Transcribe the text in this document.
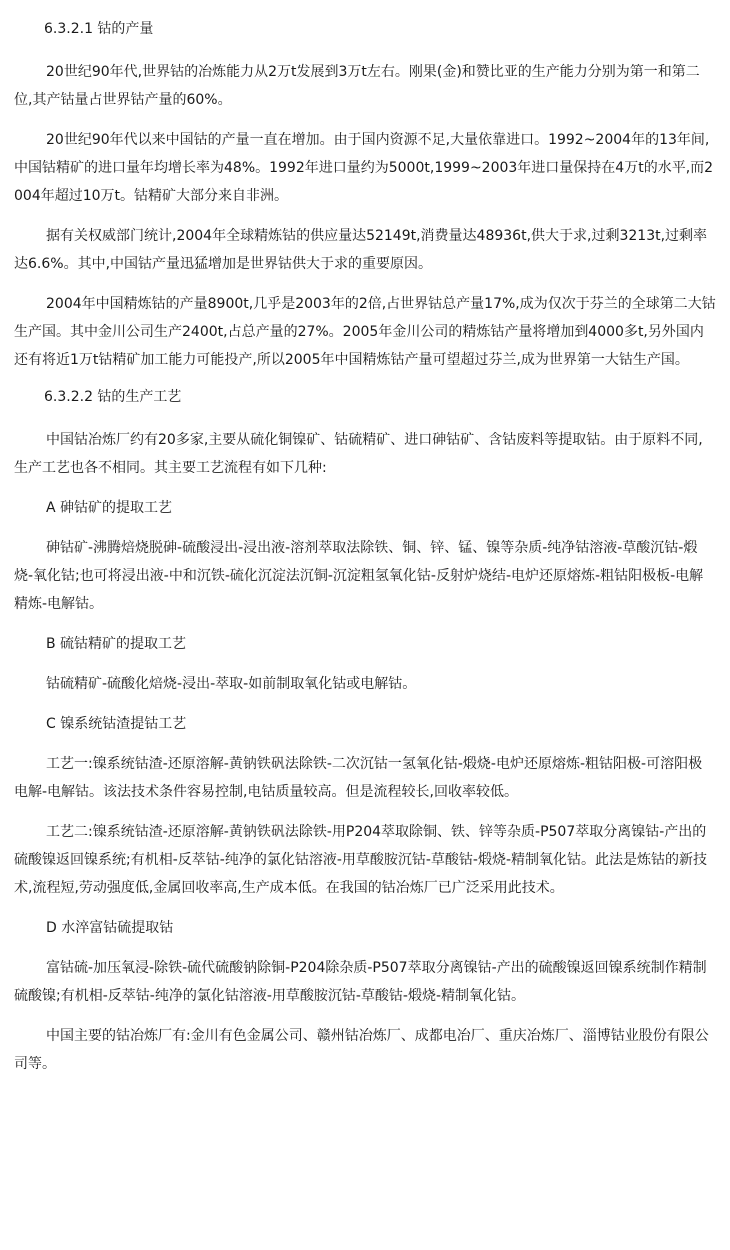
6.3.2.1 钴的产量

20世纪90年代,世界钴的冶炼能力从2万t发展到3万t左右。刚果(金)和赞比亚的生产能力分别为第一和第二位,其产钴量占世界钴产量的60%。

20世纪90年代以来中国钴的产量一直在增加。由于国内资源不足,大量依靠进口。1992~2004年的13年间, 中国钴精矿的进口量年均增长率为48%。1992年进口量约为5000t,1999~2003年进口量保持在4万t的水平,而2004年超过10万t。钴精矿大部分来自非洲。

据有关权威部门统计,2004年全球精炼钴的供应量达52149t,消费量达48936t,供大于求,过剩3213t,过剩率达6.6%。其中,中国钴产量迅猛增加是世界钴供大于求的重要原因。

2004年中国精炼钴的产量8900t,几乎是2003年的2倍,占世界钴总产量17%,成为仅次于芬兰的全球第二大钴生产国。其中金川公司生产2400t,占总产量的27%。2005年金川公司的精炼钴产量将增加到4000多t,另外国内还有将近1万t钴精矿加工能力可能投产,所以2005年中国精炼钴产量可望超过芬兰,成为世界第一大钴生产国。

6.3.2.2 钴的生产工艺

中国钴冶炼厂约有20多家,主要从硫化铜镍矿、钴硫精矿、进口砷钴矿、含钴废料等提取钴。由于原料不同,生产工艺也各不相同。其主要工艺流程有如下几种:

A 砷钴矿的提取工艺

砷钴矿-沸腾焙烧脱砷-硫酸浸出-浸出液-溶剂萃取法除铁、铜、锌、锰、镍等杂质-纯净钴溶液-草酸沉钴-煅烧-氧化钴;也可将浸出液-中和沉铁-硫化沉淀法沉铜-沉淀粗氢氧化钴-反射炉烧结-电炉还原熔炼-粗钴阳极板-电解精炼-电解钴。

B 硫钴精矿的提取工艺

钴硫精矿-硫酸化焙烧-浸出-萃取-如前制取氧化钴或电解钴。

C 镍系统钴渣提钴工艺

工艺一:镍系统钴渣-还原溶解-黄钠铁矾法除铁-二次沉钴一氢氧化钴-煅烧-电炉还原熔炼-粗钴阳极-可溶阳极电解-电解钴。该法技术条件容易控制,电钴质量较高。但是流程较长,回收率较低。

工艺二:镍系统钴渣-还原溶解-黄钠铁矾法除铁-用P204萃取除铜、铁、锌等杂质-P507萃取分离镍钴-产出的硫酸镍返回镍系统;有机相-反萃钴-纯净的氯化钴溶液-用草酸胺沉钴-草酸钴-煅烧-精制氧化钴。此法是炼钴的新技术,流程短,劳动强度低,金属回收率高,生产成本低。在我国的钴冶炼厂已广泛采用此技术。

D 水淬富钴硫提取钴

富钴硫-加压氧浸-除铁-硫代硫酸钠除铜-P204除杂质-P507萃取分离镍钴-产出的硫酸镍返回镍系统制作精制硫酸镍;有机相-反萃钴-纯净的氯化钴溶液-用草酸胺沉钴-草酸钴-煅烧-精制氧化钴。

中国主要的钴冶炼厂有:金川有色金属公司、赣州钴冶炼厂、成都电冶厂、重庆冶炼厂、淄博钴业股份有限公司等。
